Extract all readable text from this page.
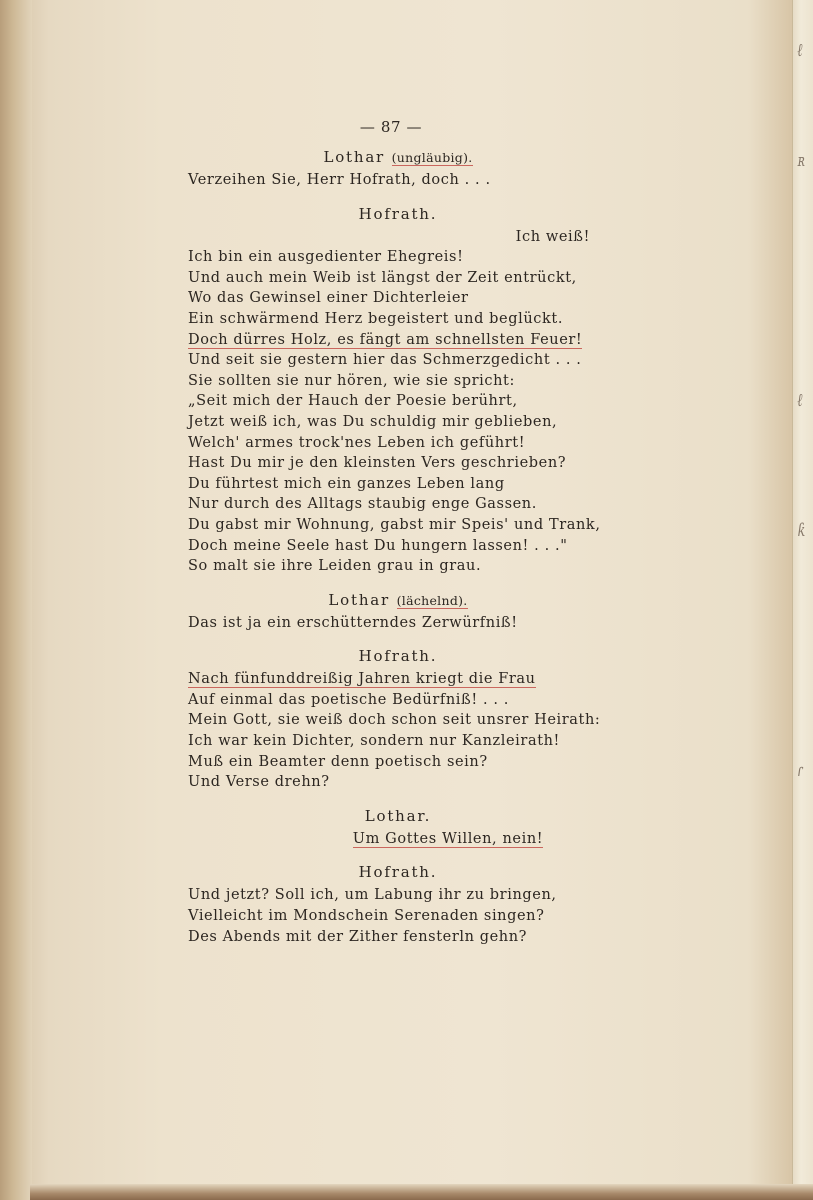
ℓ
ʀ
ℓ
ƙ
ɾ
— 87 —
Lothar (ungläubig).
Verzeihen Sie, Herr Hofrath, doch . . .
Hofrath.
Ich weiß!
Ich bin ein ausgedienter Ehegreis!
Und auch mein Weib ist längst der Zeit entrückt,
Wo das Gewinsel einer Dichterleier
Ein schwärmend Herz begeistert und beglückt.
Doch dürres Holz, es fängt am schnellsten Feuer!
Und seit sie gestern hier das Schmerzgedicht . . .
Sie sollten sie nur hören, wie sie spricht:
„Seit mich der Hauch der Poesie berührt,
Jetzt weiß ich, was Du schuldig mir geblieben,
Welch' armes trock'nes Leben ich geführt!
Hast Du mir je den kleinsten Vers geschrieben?
Du führtest mich ein ganzes Leben lang
Nur durch des Alltags staubig enge Gassen.
Du gabst mir Wohnung, gabst mir Speis' und Trank,
Doch meine Seele hast Du hungern lassen! . . ."
So malt sie ihre Leiden grau in grau.
Lothar (lächelnd).
Das ist ja ein erschütterndes Zerwürfniß!
Hofrath.
Nach fünfunddreißig Jahren kriegt die Frau
Auf einmal das poetische Bedürfniß! . . .
Mein Gott, sie weiß doch schon seit unsrer Heirath:
Ich war kein Dichter, sondern nur Kanzleirath!
Muß ein Beamter denn poetisch sein?
Und Verse drehn?
Lothar.
Um Gottes Willen, nein!
Hofrath.
Und jetzt? Soll ich, um Labung ihr zu bringen,
Vielleicht im Mondschein Serenaden singen?
Des Abends mit der Zither fensterln gehn?
